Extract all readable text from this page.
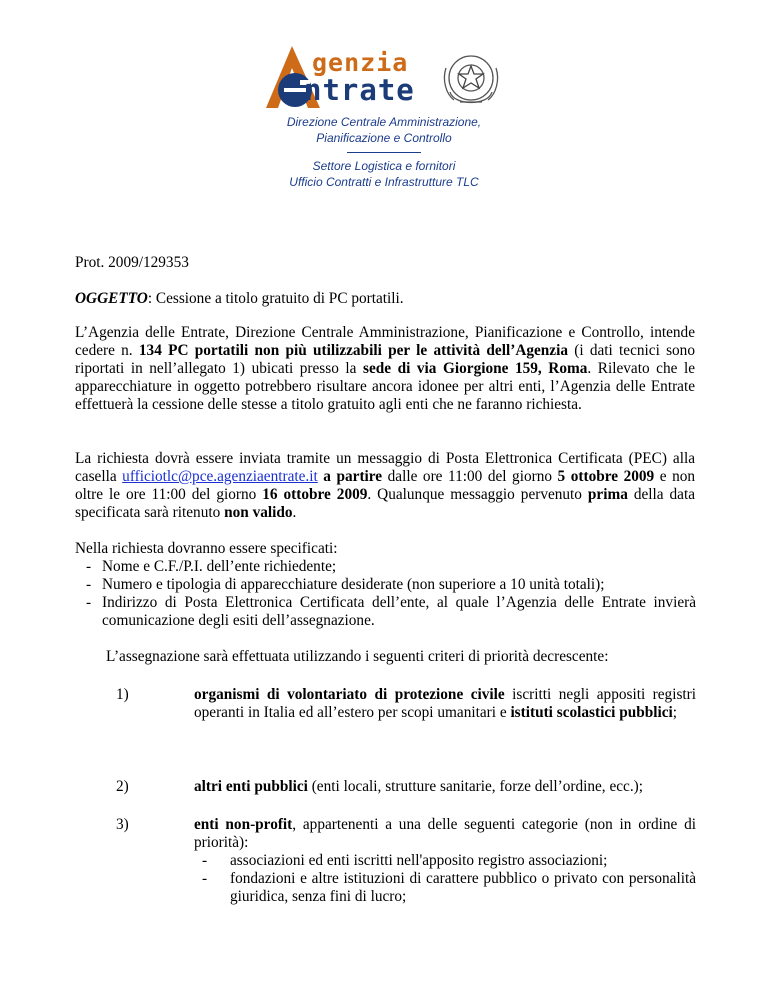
genzia
ntrate
Direzione Centrale Amministrazione,
Pianificazione e Controllo
Settore Logistica e fornitori
Ufficio Contratti e Infrastrutture TLC
Prot. 2009/129353
OGGETTO: Cessione a titolo gratuito di PC portatili.
L’Agenzia delle Entrate, Direzione Centrale Amministrazione, Pianificazione e Controllo, intende cedere n. 134 PC portatili non più utilizzabili per le attività dell’Agenzia (i dati tecnici sono riportati in nell’allegato 1) ubicati presso la sede di via Giorgione 159, Roma. Rilevato che le apparecchiature in oggetto potrebbero risultare ancora idonee per altri enti, l’Agenzia delle Entrate effettuerà la cessione delle stesse a titolo gratuito agli enti che ne faranno richiesta.
La richiesta dovrà essere inviata tramite un messaggio di Posta Elettronica Certificata (PEC) alla casella ufficiotlc@pce.agenziaentrate.it a partire dalle ore 11:00 del giorno 5 ottobre 2009 e non oltre le ore 11:00 del giorno 16 ottobre 2009. Qualunque messaggio pervenuto prima della data specificata sarà ritenuto non valido.
Nella richiesta dovranno essere specificati:
- Nome e C.F./P.I. dell’ente richiedente;
- Numero e tipologia di apparecchiature desiderate (non superiore a 10 unità totali);
- Indirizzo di Posta Elettronica Certificata dell’ente, al quale l’Agenzia delle Entrate invierà comunicazione degli esiti dell’assegnazione.
L’assegnazione sarà effettuata utilizzando i seguenti criteri di priorità decrescente:
1)	organismi di volontariato di protezione civile iscritti negli appositi registri operanti in Italia ed all’estero per scopi umanitari e istituti scolastici pubblici;
2)	altri enti pubblici (enti locali, strutture sanitarie, forze dell’ordine, ecc.);
3)	enti non-profit, appartenenti a una delle seguenti categorie (non in ordine di priorità):
- associazioni ed enti iscritti nell'apposito registro associazioni;
- fondazioni e altre istituzioni di carattere pubblico o privato con personalità giuridica, senza fini di lucro;
